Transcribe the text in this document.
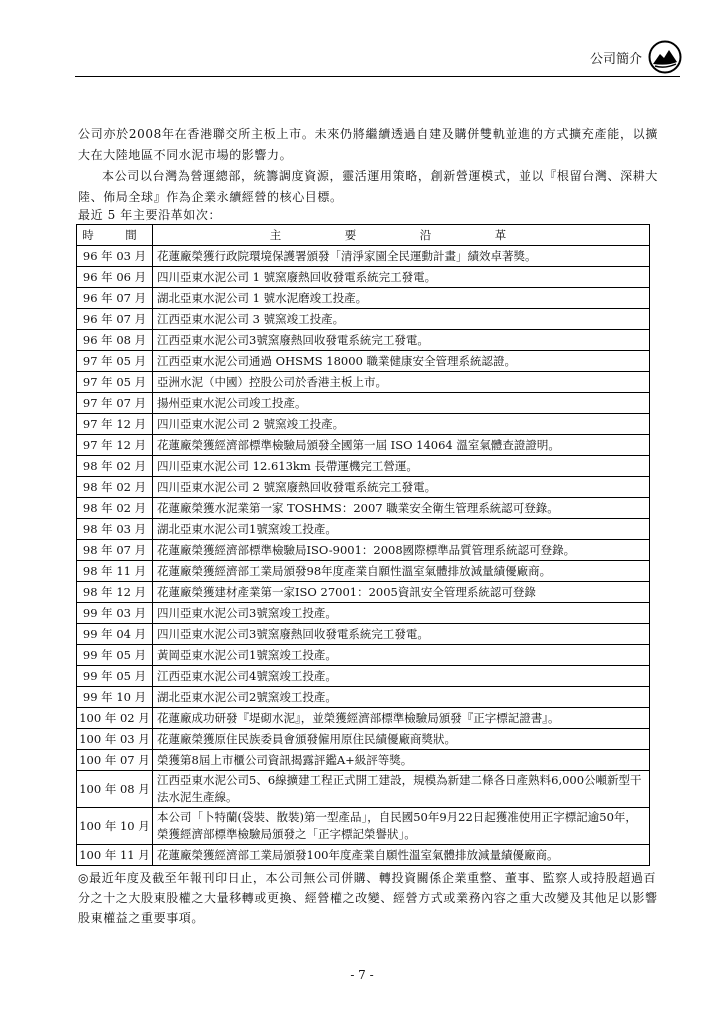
公司簡介

公司亦於2008年在香港聯交所主板上市。未來仍將繼續透過自建及購併雙軌並進的方式擴充產能，以擴大在大陸地區不同水泥市場的影響力。

本公司以台灣為營運總部，統籌調度資源，靈活運用策略，創新營運模式，並以『根留台灣、深耕大陸、佈局全球』作為企業永續經營的核心目標。

最近 5 年主要沿革如次：

時　間	主　要　沿　革
96 年 03 月	花蓮廠榮獲行政院環境保護署頒發「清淨家園全民運動計畫」績效卓著獎。
96 年 06 月	四川亞東水泥公司 1 號窯廢熱回收發電系統完工發電。
96 年 07 月	湖北亞東水泥公司 1 號水泥磨竣工投產。
96 年 07 月	江西亞東水泥公司 3 號窯竣工投產。
96 年 08 月	江西亞東水泥公司3號窯廢熱回收發電系統完工發電。
97 年 05 月	江西亞東水泥公司通過 OHSMS 18000 職業健康安全管理系統認證。
97 年 05 月	亞洲水泥（中國）控股公司於香港主板上市。
97 年 07 月	揚州亞東水泥公司竣工投產。
97 年 12 月	四川亞東水泥公司 2 號窯竣工投產。
97 年 12 月	花蓮廠榮獲經濟部標準檢驗局頒發全國第一屆 ISO 14064 溫室氣體查證證明。
98 年 02 月	四川亞東水泥公司 12.613km 長帶運機完工營運。
98 年 02 月	四川亞東水泥公司 2 號窯廢熱回收發電系統完工發電。
98 年 02 月	花蓮廠榮獲水泥業第一家 TOSHMS：2007 職業安全衛生管理系統認可登錄。
98 年 03 月	湖北亞東水泥公司1號窯竣工投產。
98 年 07 月	花蓮廠榮獲經濟部標準檢驗局ISO-9001：2008國際標準品質管理系統認可登錄。
98 年 11 月	花蓮廠榮獲經濟部工業局頒發98年度產業自願性溫室氣體排放減量績優廠商。
98 年 12 月	花蓮廠榮獲建材產業第一家ISO 27001：2005資訊安全管理系統認可登錄
99 年 03 月	四川亞東水泥公司3號窯竣工投產。
99 年 04 月	四川亞東水泥公司3號窯廢熱回收發電系統完工發電。
99 年 05 月	黃岡亞東水泥公司1號窯竣工投產。
99 年 05 月	江西亞東水泥公司4號窯竣工投產。
99 年 10 月	湖北亞東水泥公司2號窯竣工投產。
100 年 02 月	花蓮廠成功研發『堤砌水泥』，並榮獲經濟部標準檢驗局頒發『正字標記證書』。
100 年 03 月	花蓮廠榮獲原住民族委員會頒發僱用原住民績優廠商獎狀。
100 年 07 月	榮獲第8屆上市櫃公司資訊揭露評鑑A+級評等獎。
100 年 08 月	江西亞東水泥公司5、6線擴建工程正式開工建設，規模為新建二條各日產熟料6,000公噸新型干法水泥生產線。
100 年 10 月	本公司「卜特蘭(袋裝、散裝)第一型產品」，自民國50年9月22日起獲准使用正字標記逾50年，榮獲經濟部標準檢驗局頒發之「正字標記榮譽狀」。
100 年 11 月	花蓮廠榮獲經濟部工業局頒發100年度產業自願性溫室氣體排放減量績優廠商。

◎最近年度及截至年報刊印日止，本公司無公司併購、轉投資關係企業重整、董事、監察人或持股超過百分之十之大股東股權之大量移轉或更換、經營權之改變、經營方式或業務內容之重大改變及其他足以影響股東權益之重要事項。

- 7 -
